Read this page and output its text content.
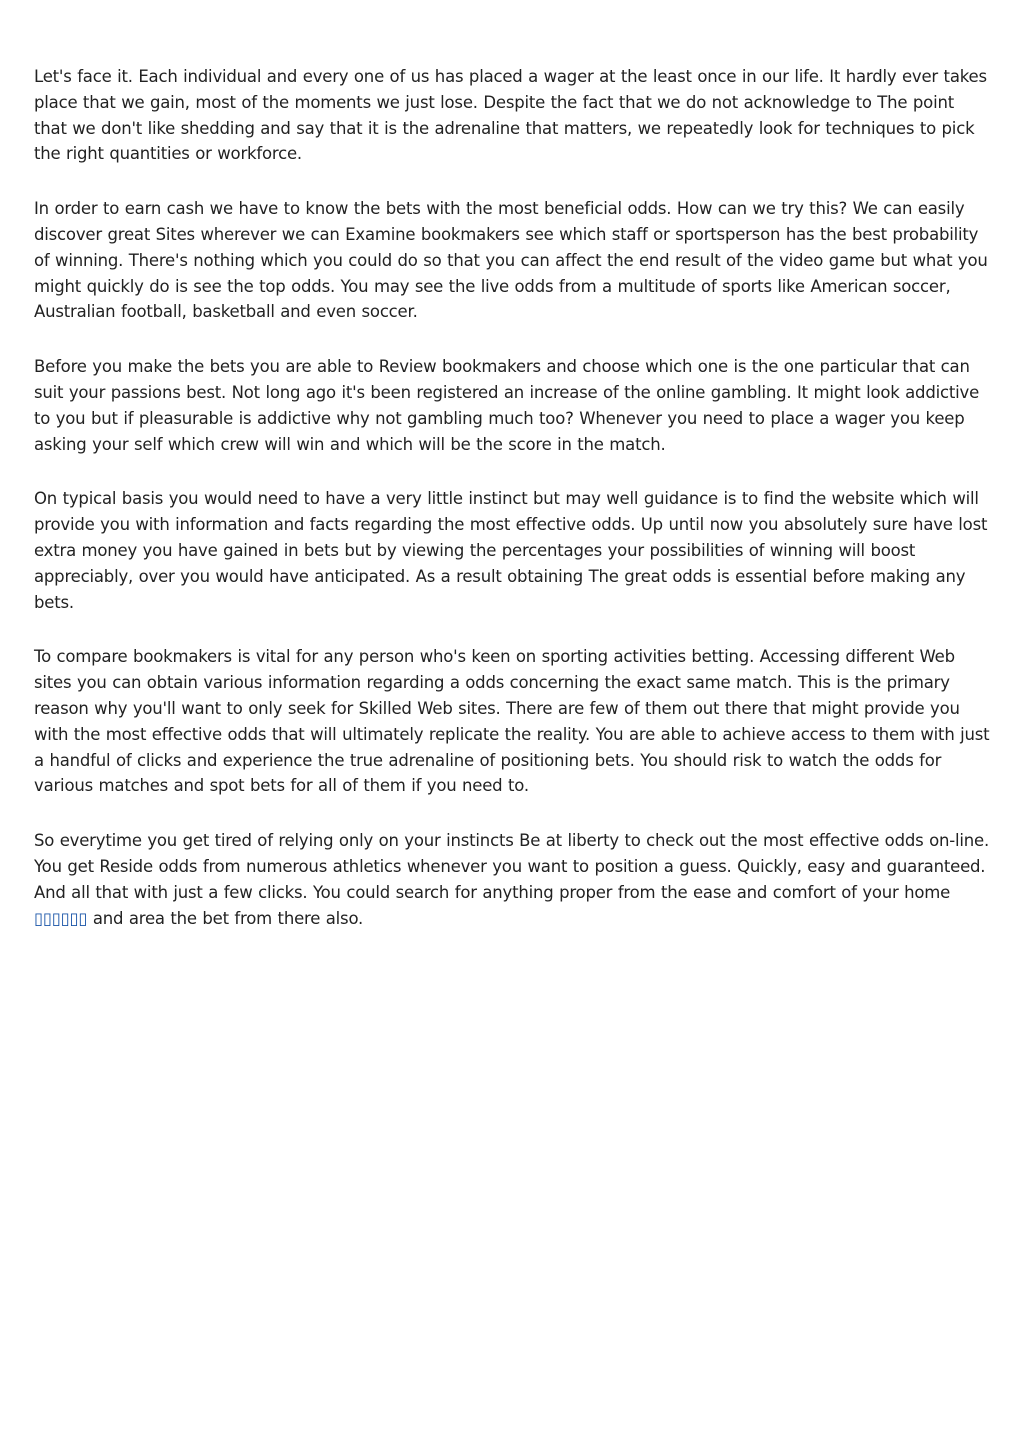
Let's face it. Each individual and every one of us has placed a wager at the least once in our life. It hardly ever takes place that we gain, most of the moments we just lose. Despite the fact that we do not acknowledge to The point that we don't like shedding and say that it is the adrenaline that matters, we repeatedly look for techniques to pick the right quantities or workforce.

In order to earn cash we have to know the bets with the most beneficial odds. How can we try this? We can easily discover great Sites wherever we can Examine bookmakers see which staff or sportsperson has the best probability of winning. There's nothing which you could do so that you can affect the end result of the video game but what you might quickly do is see the top odds. You may see the live odds from a multitude of sports like American soccer, Australian football, basketball and even soccer.

Before you make the bets you are able to Review bookmakers and choose which one is the one particular that can suit your passions best. Not long ago it's been registered an increase of the online gambling. It might look addictive to you but if pleasurable is addictive why not gambling much too? Whenever you need to place a wager you keep asking your self which crew will win and which will be the score in the match.

On typical basis you would need to have a very little instinct but may well guidance is to find the website which will provide you with information and facts regarding the most effective odds. Up until now you absolutely sure have lost extra money you have gained in bets but by viewing the percentages your possibilities of winning will boost appreciably, over you would have anticipated. As a result obtaining The great odds is essential before making any bets.

To compare bookmakers is vital for any person who's keen on sporting activities betting. Accessing different Web sites you can obtain various information regarding a odds concerning the exact same match. This is the primary reason why you'll want to only seek for Skilled Web sites. There are few of them out there that might provide you with the most effective odds that will ultimately replicate the reality. You are able to achieve access to them with just a handful of clicks and experience the true adrenaline of positioning bets. You should risk to watch the odds for various matches and spot bets for all of them if you need to.

So everytime you get tired of relying only on your instincts Be at liberty to check out the most effective odds on-line. You get Reside odds from numerous athletics whenever you want to position a guess. Quickly, easy and guaranteed. And all that with just a few clicks. You could search for anything proper from the ease and comfort of your home ▯▯▯▯▯▯ and area the bet from there also.
